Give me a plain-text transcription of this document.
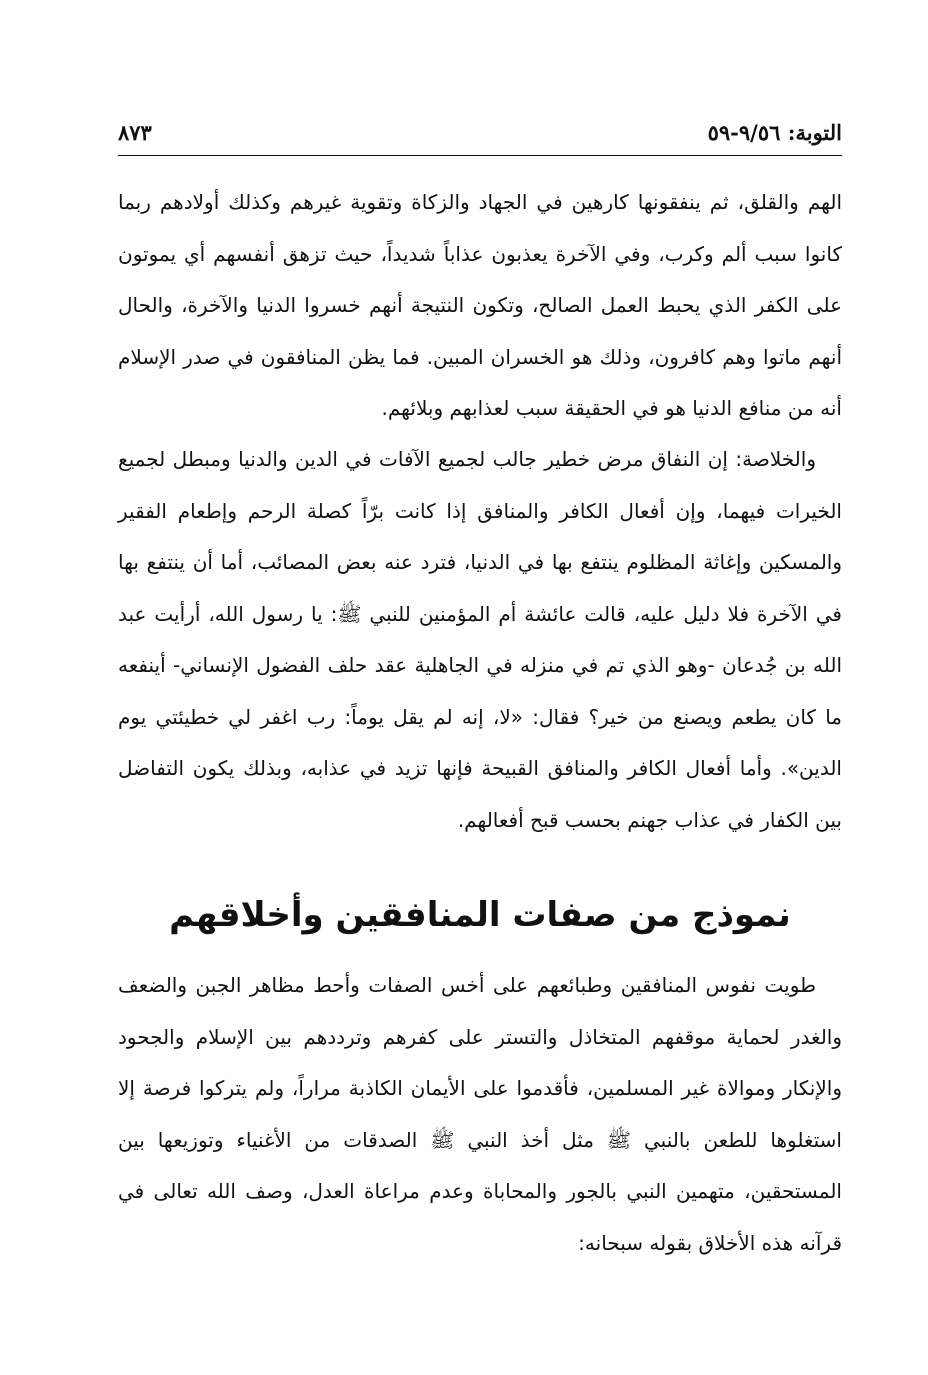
التوبة: ٩/٥٦-٥٩
٨٧٣

الهم والقلق، ثم ينفقونها كارهين في الجهاد والزكاة وتقوية غيرهم وكذلك أولادهم ربما كانوا سبب ألم وكرب، وفي الآخرة يعذبون عذاباً شديداً، حيث تزهق أنفسهم أي يموتون على الكفر الذي يحبط العمل الصالح، وتكون النتيجة أنهم خسروا الدنيا والآخرة، والحال أنهم ماتوا وهم كافرون، وذلك هو الخسران المبين. فما يظن المنافقون في صدر الإسلام أنه من منافع الدنيا هو في الحقيقة سبب لعذابهم وبلائهم.

والخلاصة: إن النفاق مرض خطير جالب لجميع الآفات في الدين والدنيا ومبطل لجميع الخيرات فيهما، وإن أفعال الكافر والمنافق إذا كانت برّاً كصلة الرحم وإطعام الفقير والمسكين وإغاثة المظلوم ينتفع بها في الدنيا، فترد عنه بعض المصائب، أما أن ينتفع بها في الآخرة فلا دليل عليه، قالت عائشة أم المؤمنين للنبي ﷺ: يا رسول الله، أرأيت عبد الله بن جُدعان -وهو الذي تم في منزله في الجاهلية عقد حلف الفضول الإنساني- أينفعه ما كان يطعم ويصنع من خير؟ فقال: «لا، إنه لم يقل يوماً: رب اغفر لي خطيئتي يوم الدين». وأما أفعال الكافر والمنافق القبيحة فإنها تزيد في عذابه، وبذلك يكون التفاضل بين الكفار في عذاب جهنم بحسب قبح أفعالهم.

نموذج من صفات المنافقين وأخلاقهم

طويت نفوس المنافقين وطبائعهم على أخس الصفات وأحط مظاهر الجبن والضعف والغدر لحماية موقفهم المتخاذل والتستر على كفرهم وترددهم بين الإسلام والجحود والإنكار وموالاة غير المسلمين، فأقدموا على الأيمان الكاذبة مراراً، ولم يتركوا فرصة إلا استغلوها للطعن بالنبي ﷺ مثل أخذ النبي ﷺ الصدقات من الأغنياء وتوزيعها بين المستحقين، متهمين النبي بالجور والمحاباة وعدم مراعاة العدل، وصف الله تعالى في قرآنه هذه الأخلاق بقوله سبحانه:
